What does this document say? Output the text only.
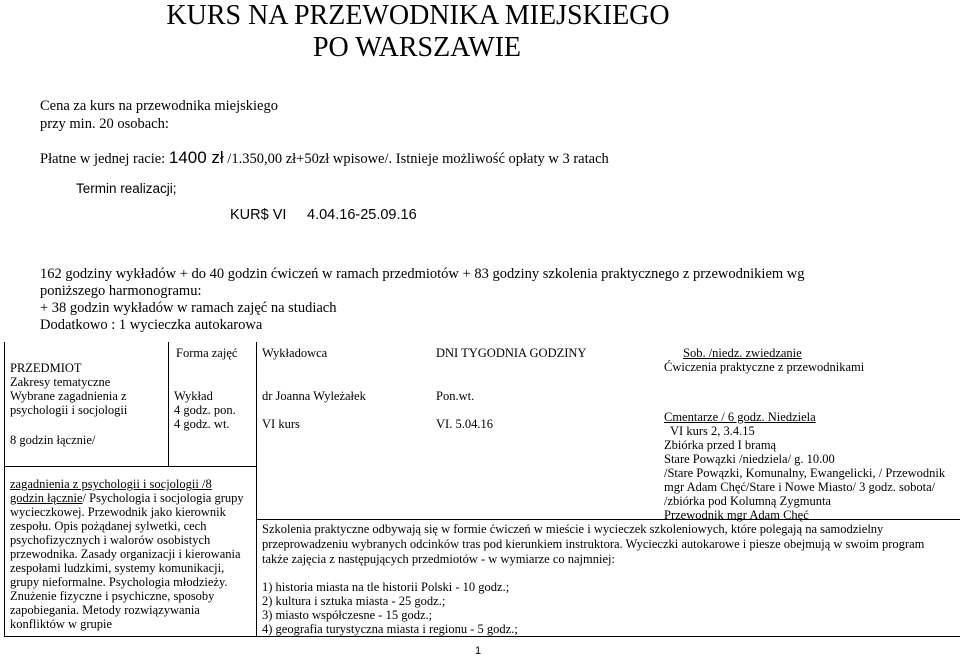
KURS NA PRZEWODNIKA MIEJSKIEGO
PO WARSZAWIE
Cena za kurs na przewodnika miejskiego
przy min. 20 osobach:
Płatne w jednej racie: 1400 zł /1.350,00 zł+50zł wpisowe/. Istnieje możliwość opłaty w 3 ratach
Termin realizacji;
KUR$ VI 4.04.16-25.09.16
162 godziny wykładów + do 40 godzin ćwiczeń w ramach przedmiotów + 83 godziny szkolenia praktycznego z przewodnikiem wg
poniższego harmonogramu:
+ 38 godzin wykładów w ramach zajęć na studiach
Dodatkowo : 1 wycieczka autokarowa
PRZEDMIOT
Forma zajęć Wykładowca	DNI TYGODNIA GODZINY
Zakresy tematyczne
Wybrane zagadnienia z
psychologii i socjologii
8 godzin łącznie/
Wykład
4 godz. pon.
4 godz. wt.
dr Joanna Wyleżałek
VI kurs
Pon.wt.
VI. 5.04.16
zagadnienia z psychologii i socjologii /8
godzin łącznie/ Psychologia i socjologia grupy wycieczkowej. Przewodnik jako kierownik zespołu. Opis pożądanej sylwetki, cech psychofizycznych i walorów osobistych przewodnika. Zasady organizacji i kierowania zespołami ludzkimi, systemy komunikacji, grupy nieformalne. Psychologia młodzieży. Znużenie fizyczne i psychiczne, sposoby zapobiegania. Metody rozwiązywania konfliktów w grupie
Sob. /niedz. zwiedzanie
Ćwiczenia praktyczne z przewodnikami
Cmentarze / 6 godz. Niedziela
VI kurs 2, 3.4.15
Zbiórka przed I bramą
Stare Powązki /niedziela/ g. 10.00
/Stare Powązki, Komunalny, Ewangelicki, / Przewodnik
mgr Adam Chęć/Stare i Nowe Miasto/ 3 godz. sobota/
/zbiórka pod Kolumną Zygmunta
Przewodnik mgr Adam Chęć
Szkolenia praktyczne odbywają się w formie ćwiczeń w mieście i wycieczek szkoleniowych, które polegają na samodzielny
przeprowadzeniu wybranych odcinków tras pod kierunkiem instruktora. Wycieczki autokarowe i piesze obejmują w swoim program
także zajęcia z następujących przedmiotów - w wymiarze co najmniej:
1) historia miasta na tle historii Polski - 10 godz.;
2) kultura i sztuka miasta - 25 godz.;
3) miasto współczesne - 15 godz.;
4) geografia turystyczna miasta i regionu - 5 godz.;
1
